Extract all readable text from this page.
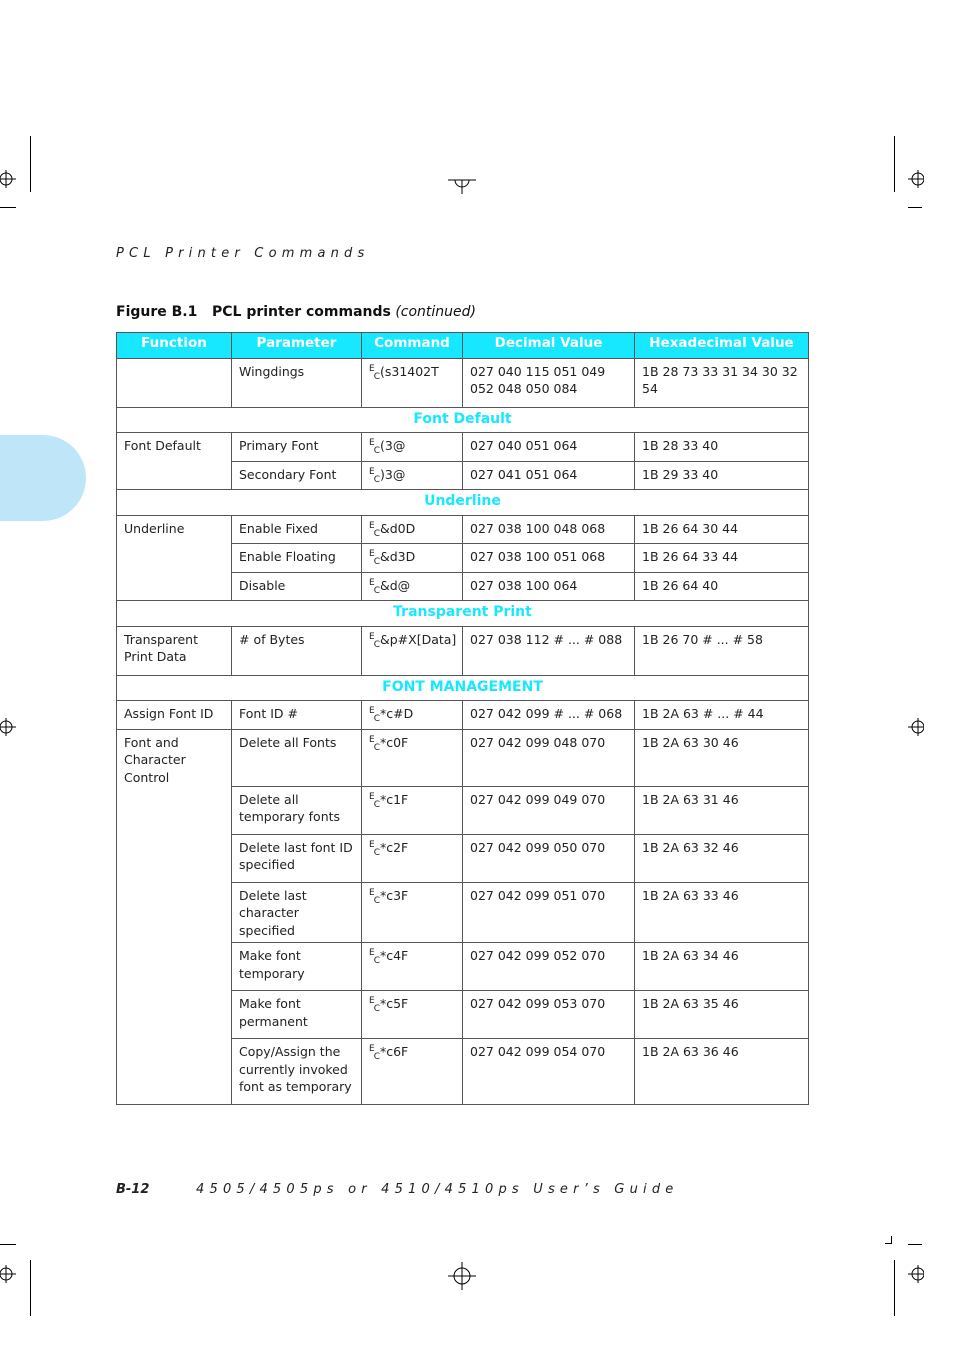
PCL Printer Commands
Figure B.1 PCL printer commands (continued)
Function	Parameter	Command	Decimal Value	Hexadecimal Value
	Wingdings	EC(s31402T	027 040 115 051 049 052 048 050 084	1B 28 73 33 31 34 30 32 54
Font Default				
Font Default	Primary Font	EC(3@	027 040 051 064	1B 28 33 40
	Secondary Font	EC)3@	027 041 051 064	1B 29 33 40
Underline				
Underline	Enable Fixed	EC&d0D	027 038 100 048 068	1B 26 64 30 44
	Enable Floating	EC&d3D	027 038 100 051 068	1B 26 64 33 44
	Disable	EC&d@	027 038 100 064	1B 26 64 40
Transparent Print				
Transparent Print Data	# of Bytes	EC&p#X[Data]	027 038 112 # ... # 088	1B 26 70 # ... # 58
FONT MANAGEMENT				
Assign Font ID	Font ID #	EC*c#D	027 042 099 # ... # 068	1B 2A 63 # ... # 44
Font and Character Control	Delete all Fonts	EC*c0F	027 042 099 048 070	1B 2A 63 30 46
	Delete all temporary fonts	EC*c1F	027 042 099 049 070	1B 2A 63 31 46
	Delete last font ID specified	EC*c2F	027 042 099 050 070	1B 2A 63 32 46
	Delete last character specified	EC*c3F	027 042 099 051 070	1B 2A 63 33 46
	Make font temporary	EC*c4F	027 042 099 052 070	1B 2A 63 34 46
	Make font permanent	EC*c5F	027 042 099 053 070	1B 2A 63 35 46
	Copy/Assign the currently invoked font as temporary	EC*c6F	027 042 099 054 070	1B 2A 63 36 46
B-12	4505/4505ps or 4510/4510ps User’s Guide
